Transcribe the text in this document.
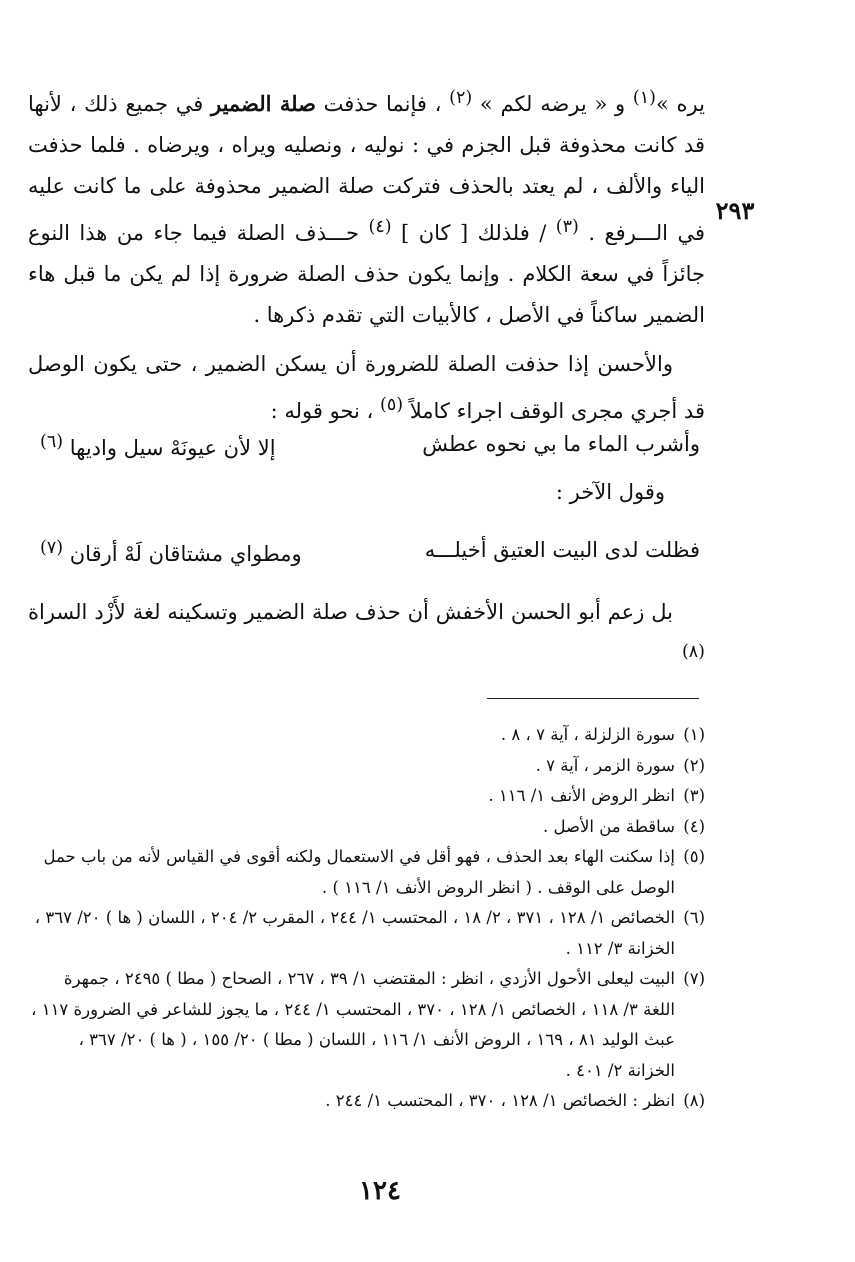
٢٩٣

يره »$^{(١)}$ و « يرضه لكم » $^{(٢)}$ ، فإنما حذفت صلة الضمير في جميع ذلك ، لأنها قد كانت محذوفة قبل الجزم في : نوليه ، ونصليه ويراه ، ويرضاه . فلما حذفت الياء والألف ، لم يعتد بالحذف فتركت صلة الضمير محذوفة على ما كانت عليه في الـــرفع . $^{(٣)}$ / فلذلك [ كان ] $^{(٤)}$ حـــذف الصلة فيما جاء من هذا النوع جائزاً في سعة الكلام . وإنما يكون حذف الصلة ضرورة إذا لم يكن ما قبل هاء الضمير ساكناً في الأصل ، كالأبيات التي تقدم ذكرها .

والأحسن إذا حذفت الصلة للضرورة أن يسكن الضمير ، حتى يكون الوصل قد أجري مجرى الوقف اجراء كاملاً $^{(٥)}$ ، نحو قوله :

وأشرب الماء ما بي نحوه عطش
إلا لأن عيونَهْ سيل واديها $^{(٦)}$
وقول الآخر :
فظلت لدى البيت العتيق أخيلـــه
ومطواي مشتاقان لَهْ أرقان $^{(٧)}$
بل زعم أبو الحسن الأخفش أن حذف صلة الضمير وتسكينه لغة لأَزْد السراة $^{(٨)}$

(١)
سورة الزلزلة ، آية ٧ ، ٨ .

(٢)
سورة الزمر ، آية ٧ .

(٣)
انظر الروض الأنف ١/ ١١٦ .

(٤)
ساقطة من الأصل .

(٥)
إذا سكنت الهاء بعد الحذف ، فهو أقل في الاستعمال ولكنه أقوى في القياس لأنه من باب حمل الوصل على الوقف . ( انظر الروض الأنف ١/ ١١٦ ) .

(٦)
الخصائص ١/ ١٢٨ ، ٣٧١ ، ٢/ ١٨ ، المحتسب ١/ ٢٤٤ ، المقرب ٢/ ٢٠٤ ، اللسان ( ها ) ٢٠/ ٣٦٧ ، الخزانة ٣/ ١١٢ .

(٧)
البيت ليعلى الأحول الأزدي ، انظر : المقتضب ١/ ٣٩ ، ٢٦٧ ، الصحاح ( مطا ) ٢٤٩٥ ، جمهرة اللغة ٣/ ١١٨ ، الخصائص ١/ ١٢٨ ، ٣٧٠ ، المحتسب ١/ ٢٤٤ ، ما يجوز للشاعر في الضرورة ١١٧ ، عبث الوليد ٨١ ، ١٦٩ ، الروض الأنف ١/ ١١٦ ، اللسان ( مطا ) ٢٠/ ١٥٥ ، ( ها ) ٢٠/ ٣٦٧ ، الخزانة ٢/ ٤٠١ .

(٨)
انظر : الخصائص ١/ ١٢٨ ، ٣٧٠ ، المحتسب ١/ ٢٤٤ .

١٢٤
